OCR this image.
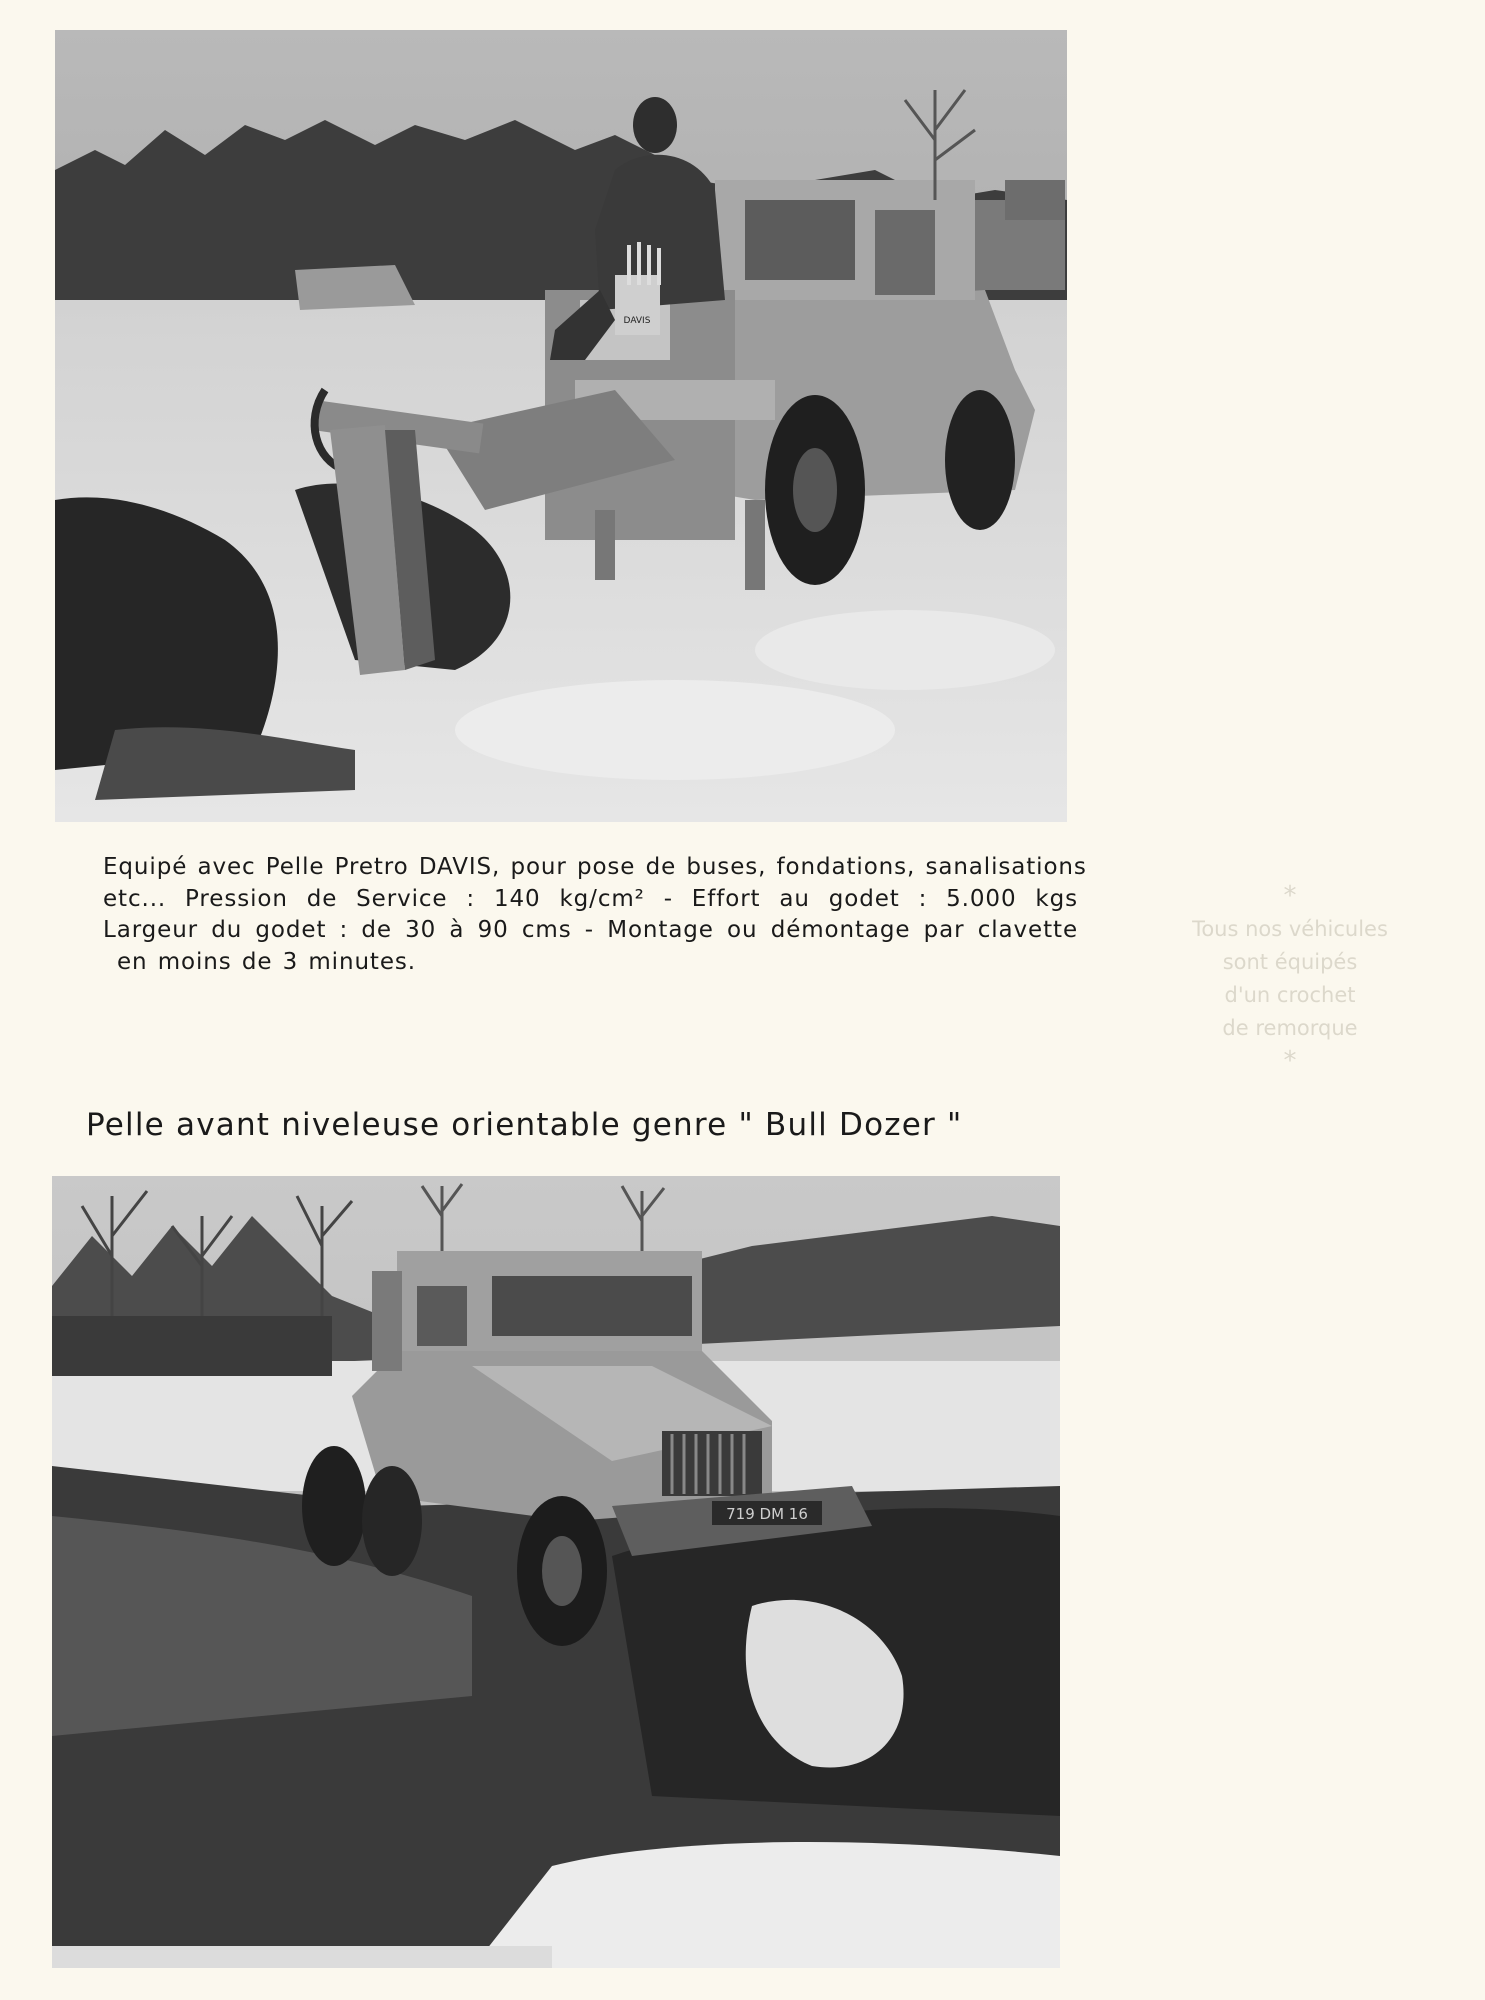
DAVIS
Equipé avec Pelle Pretro DAVIS, pour pose de buses, fondations, sanalisations
etc... Pression de Service : 140 kg/cm² - Effort au godet : 5.000 kgs
Largeur du godet : de 30 à 90 cms - Montage ou démontage par clavette
en moins de 3 minutes.
*
Tous nos véhicules
sont équipés
d'un crochet
de remorque
*
Pelle avant niveleuse orientable genre " Bull Dozer "
719 DM 16
